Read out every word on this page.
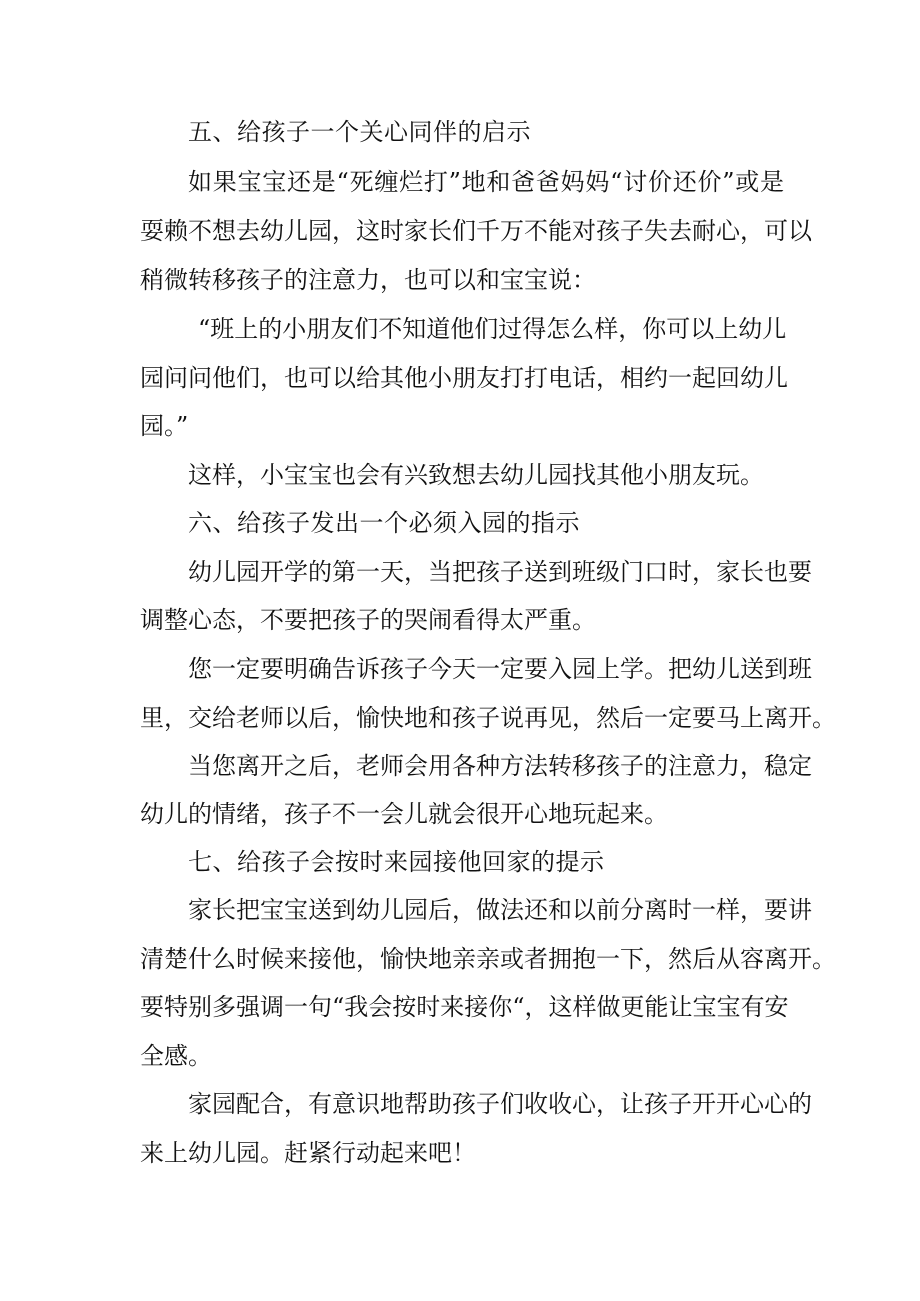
五、给孩子一个关心同伴的启示

如果宝宝还是“死缠烂打”地和爸爸妈妈“讨价还价”或是

耍赖不想去幼儿园，这时家长们千万不能对孩子失去耐心，可以

稍微转移孩子的注意力，也可以和宝宝说：

“班上的小朋友们不知道他们过得怎么样，你可以上幼儿

园问问他们，也可以给其他小朋友打打电话，相约一起回幼儿

园。”

这样，小宝宝也会有兴致想去幼儿园找其他小朋友玩。

六、给孩子发出一个必须入园的指示

幼儿园开学的第一天，当把孩子送到班级门口时，家长也要

调整心态，不要把孩子的哭闹看得太严重。

您一定要明确告诉孩子今天一定要入园上学。把幼儿送到班

里，交给老师以后，愉快地和孩子说再见，然后一定要马上离开。

当您离开之后，老师会用各种方法转移孩子的注意力，稳定

幼儿的情绪，孩子不一会儿就会很开心地玩起来。

七、给孩子会按时来园接他回家的提示

家长把宝宝送到幼儿园后，做法还和以前分离时一样，要讲

清楚什么时候来接他，愉快地亲亲或者拥抱一下，然后从容离开。

要特别多强调一句“我会按时来接你“，这样做更能让宝宝有安

全感。

家园配合，有意识地帮助孩子们收收心，让孩子开开心心的

来上幼儿园。赶紧行动起来吧！
